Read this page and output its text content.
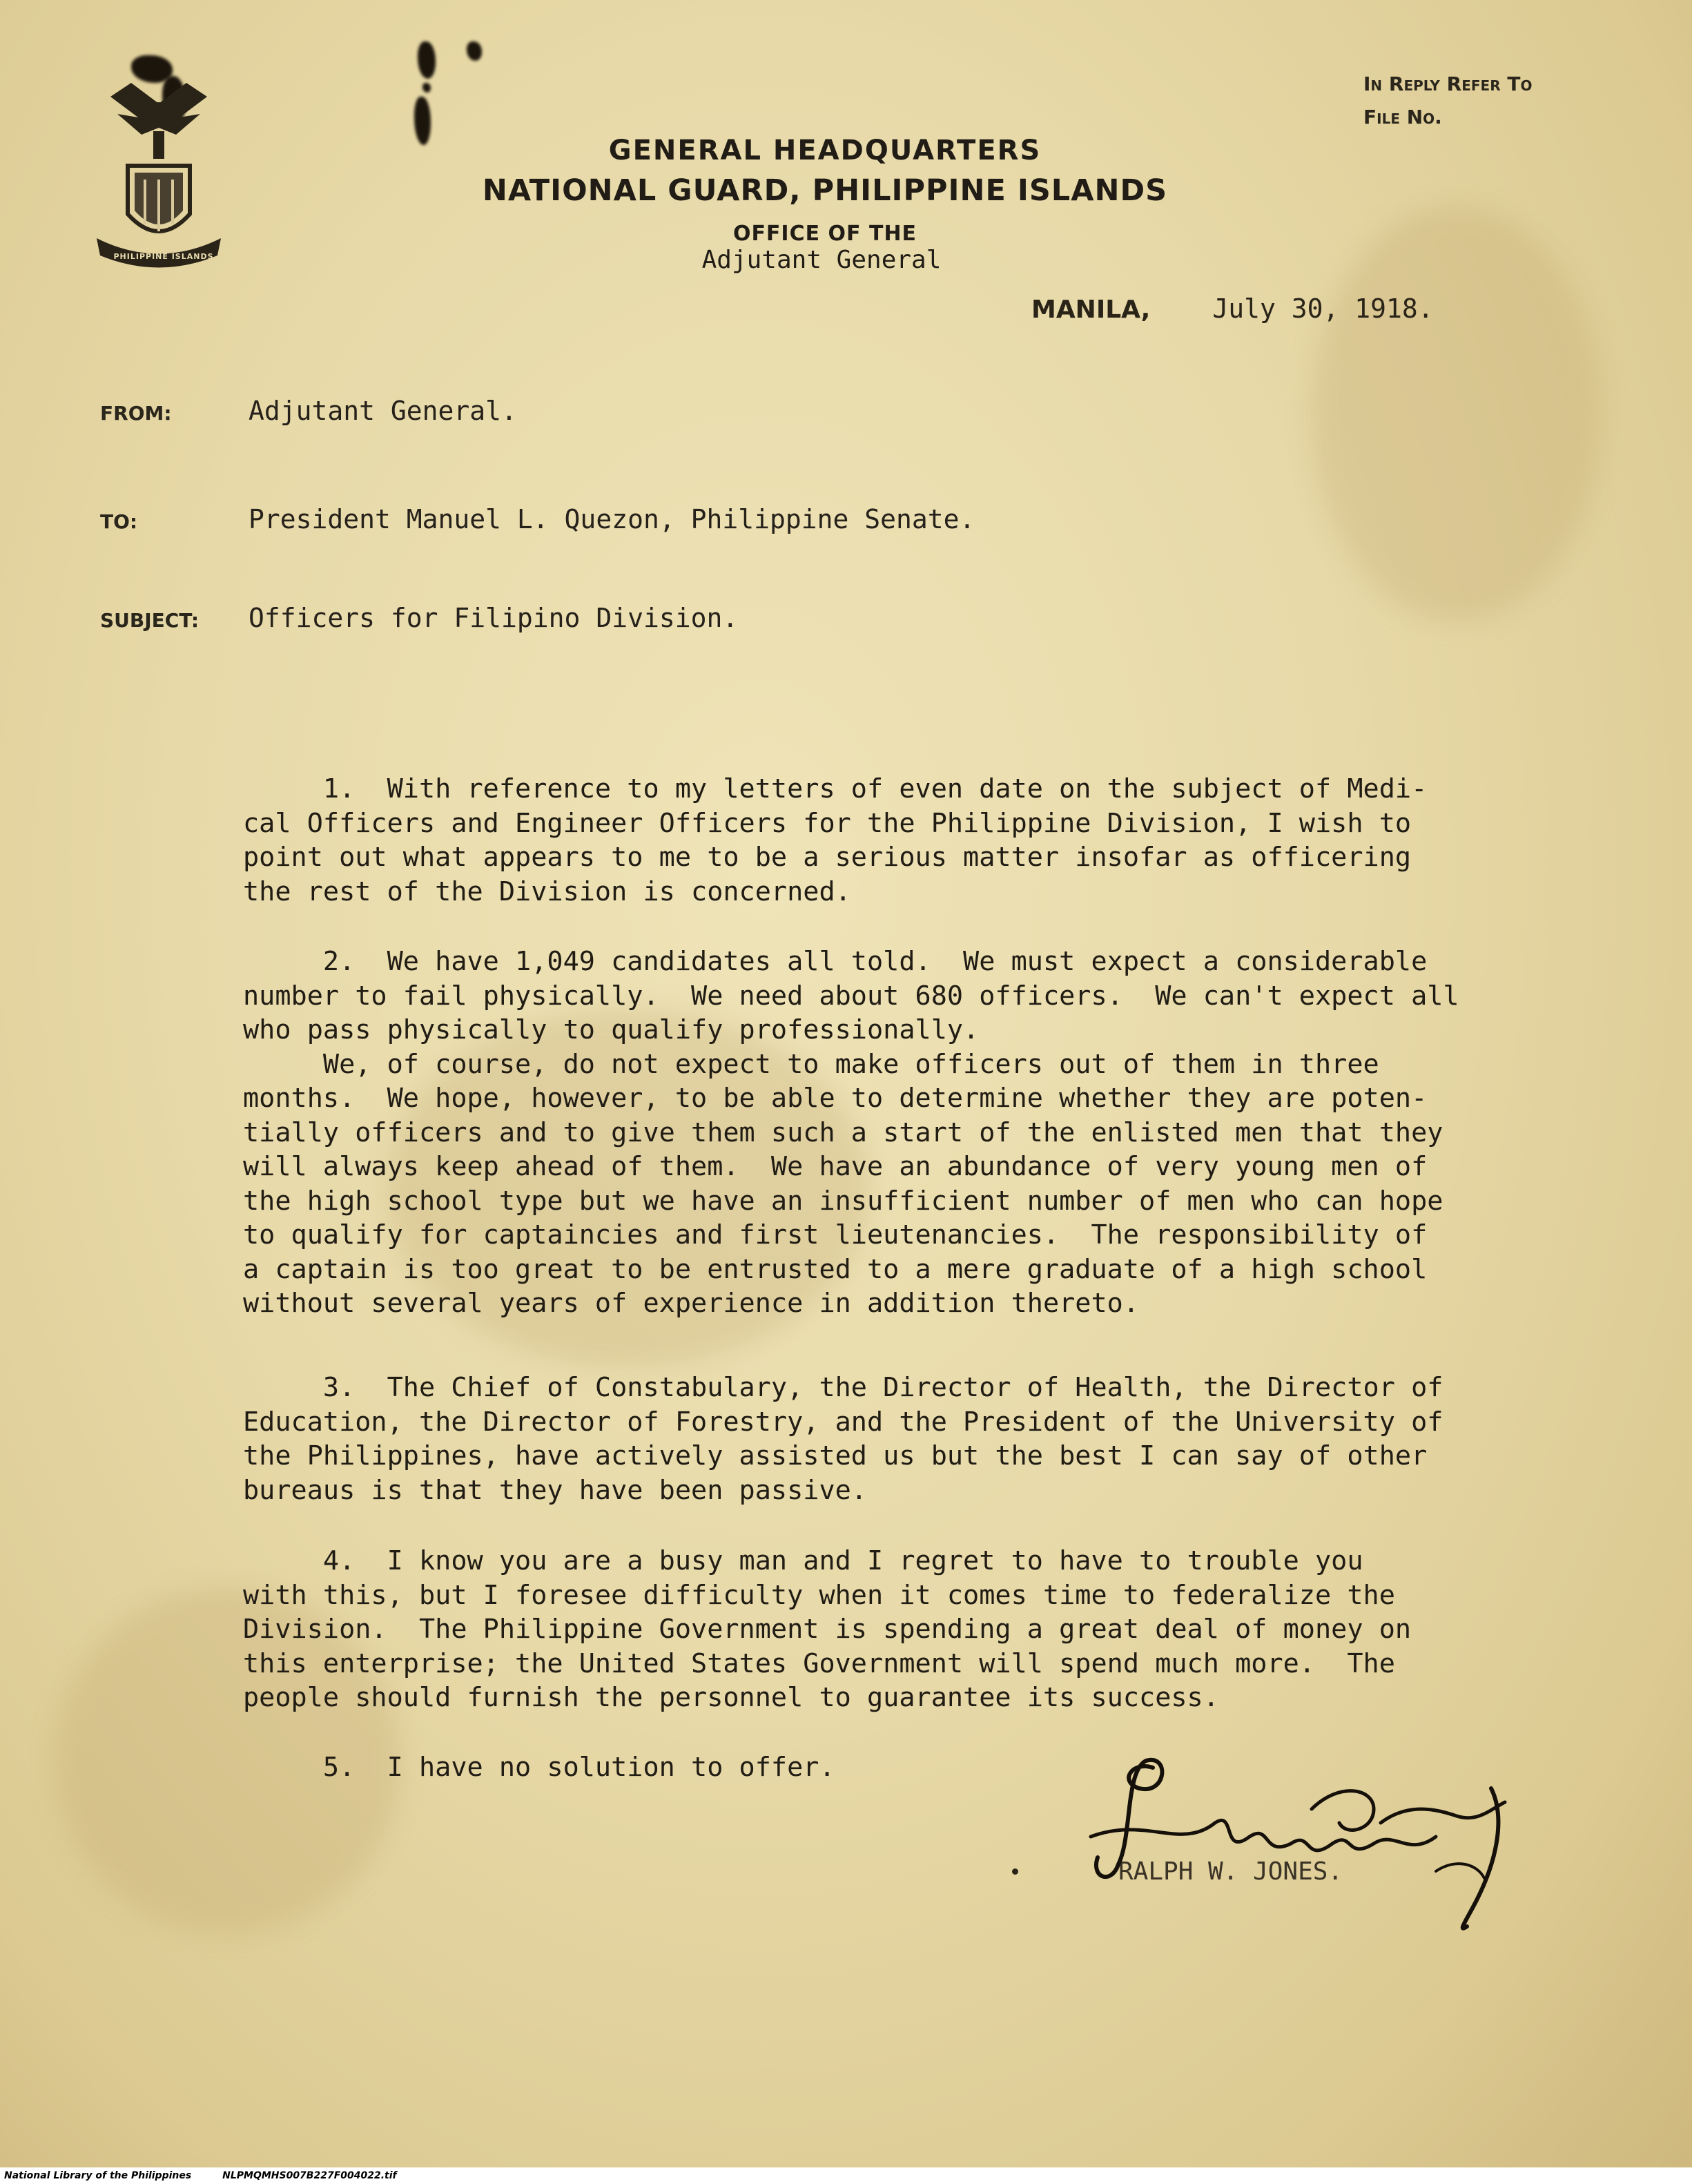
PHILIPPINE ISLANDS
GENERAL HEADQUARTERS
NATIONAL GUARD, PHILIPPINE ISLANDS
OFFICE OF THE
Adjutant General
In Reply Refer To
File No.
MANILA, July 30, 1918.
FROM:	Adjutant General.
TO:	President Manuel L. Quezon, Philippine Senate.
SUBJECT: Officers for Filipino Division.
1.  With reference to my letters of even date on the subject of Medi-
cal Officers and Engineer Officers for the Philippine Division, I wish to
point out what appears to me to be a serious matter insofar as officering
the rest of the Division is concerned.
2.  We have 1,049 candidates all told.  We must expect a considerable
number to fail physically.  We need about 680 officers.  We can't expect all
who pass physically to qualify professionally.
We, of course, do not expect to make officers out of them in three
months.  We hope, however, to be able to determine whether they are poten-
tially officers and to give them such a start of the enlisted men that they
will always keep ahead of them.  We have an abundance of very young men of
the high school type but we have an insufficient number of men who can hope
to qualify for captaincies and first lieutenancies.  The responsibility of
a captain is too great to be entrusted to a mere graduate of a high school
without several years of experience in addition thereto.
3.  The Chief of Constabulary, the Director of Health, the Director of
Education, the Director of Forestry, and the President of the University of
the Philippines, have actively assisted us but the best I can say of other
bureaus is that they have been passive.
4.  I know you are a busy man and I regret to have to trouble you
with this, but I foresee difficulty when it comes time to federalize the
Division.  The Philippine Government is spending a great deal of money on
this enterprise; the United States Government will spend much more.  The
people should furnish the personnel to guarantee its success.
5.  I have no solution to offer.
RALPH W. JONES.
National Library of the Philippines	NLPMQMHS007B227F004022.tif
